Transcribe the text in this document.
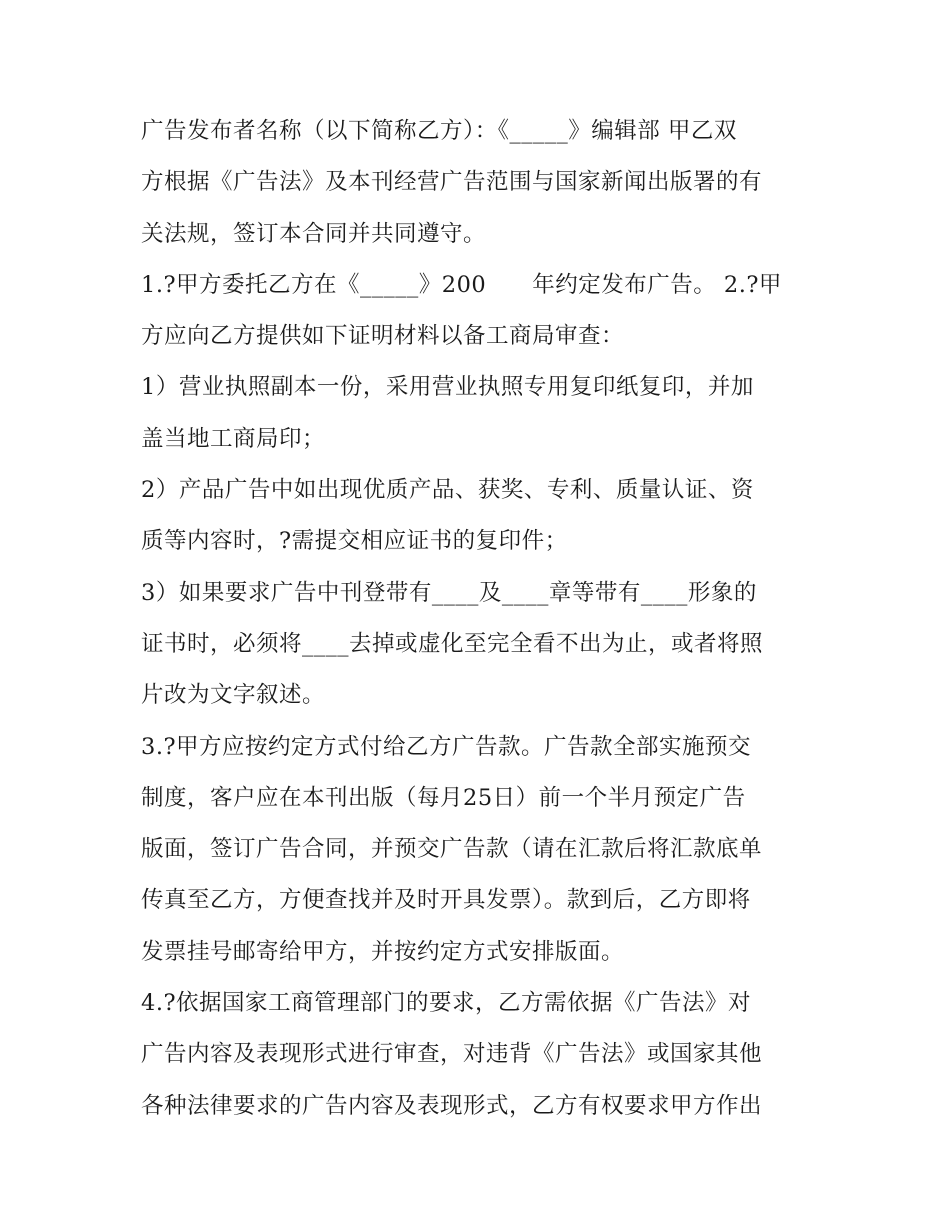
广告发布者名称（以下简称乙方）：《_____》编辑部 甲乙双
方根据《广告法》及本刊经营广告范围与国家新闻出版署的有
关法规，签订本合同并共同遵守。
1.?甲方委托乙方在《_____》200　　年约定发布广告。 2.?甲
方应向乙方提供如下证明材料以备工商局审查：
1）营业执照副本一份，采用营业执照专用复印纸复印，并加
盖当地工商局印；
2）产品广告中如出现优质产品、获奖、专利、质量认证、资
质等内容时，?需提交相应证书的复印件；
3）如果要求广告中刊登带有____及____章等带有____形象的
证书时，必须将____去掉或虚化至完全看不出为止，或者将照
片改为文字叙述。
3.?甲方应按约定方式付给乙方广告款。广告款全部实施预交
制度，客户应在本刊出版（每月25日）前一个半月预定广告
版面，签订广告合同，并预交广告款（请在汇款后将汇款底单
传真至乙方，方便查找并及时开具发票）。款到后，乙方即将
发票挂号邮寄给甲方，并按约定方式安排版面。
4.?依据国家工商管理部门的要求，乙方需依据《广告法》对
广告内容及表现形式进行审查，对违背《广告法》或国家其他
各种法律要求的广告内容及表现形式，乙方有权要求甲方作出
